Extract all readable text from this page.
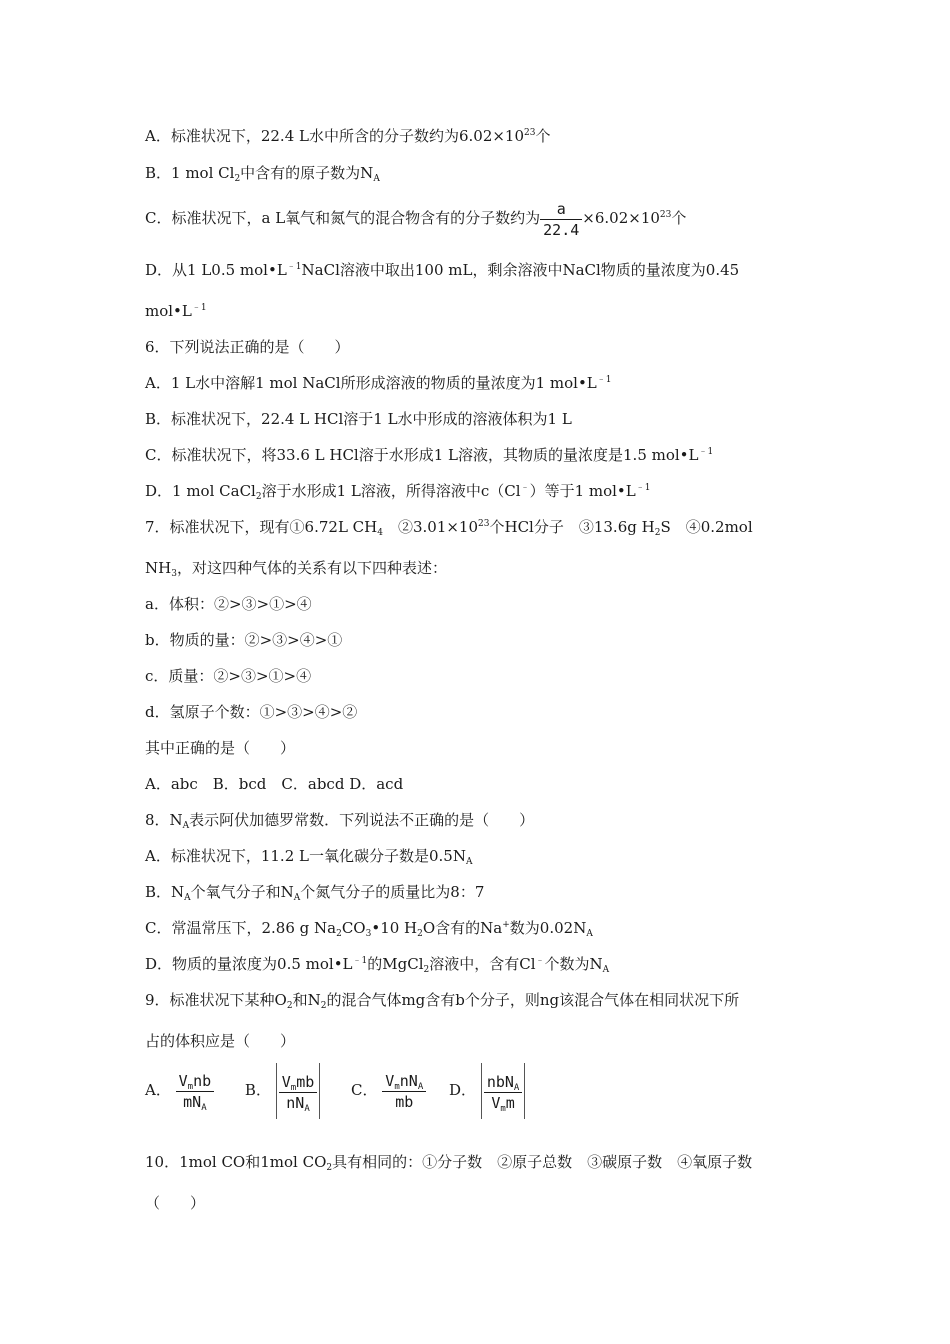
A．标准状况下，22.4 L水中所含的分子数约为$6.02\times 10^{23}$个
B．1 mol $Cl_2$中含有的原子数为$N_A$
C．标准状况下，a L氧气和氮气的混合物含有的分子数约为 $\frac{a}{22.4} \times 6.02\times 10^{23}$个
D．从1 L0.5 $mol•L^{﹣1}NaCl$溶液中取出100 mL，剩余溶液中NaCl物质的量浓度为0.45
$mol•L^{﹣1}$
6．下列说法正确的是（　　）
A．1 L水中溶解1 mol NaCl所形成溶液的物质的量浓度为1 $mol•L^{﹣1}$
B．标准状况下，22.4 L HCl溶于1 L水中形成的溶液体积为1 L
C．标准状况下，将33.6 L HCl溶于水形成1 L溶液，其物质的量浓度是1.5 $mol•L^{﹣1}$
D．1 mol CaCl$_2$溶于水形成1 L溶液，所得溶液中c（Cl﹣）等于1 $mol•L^{﹣1}$
7．标准状况下，现有①6.72L $CH_4$　$②3.01\times 10^{23}$个HCl分子　③13.6g $H_2S$　④0.2mol
$NH_3$，对这四种气体的关系有以下四种表述：
a．体积：②>③>①>④
b．物质的量：②>③>④>①
c．质量：②>③>①>④
d．氢原子个数：①>③>④>②
其中正确的是（　　）
A．abc　B．bcd　C．abcd D．acd
8．$N_A$表示阿伏加德罗常数．下列说法不正确的是（　　）
A．标准状况下，11.2 L一氧化碳分子数是$0.5N_A$
B．$N_A$个氧气分子和$N_A$个氮气分子的质量比为8：7
C．常温常压下，2.86 g $Na_2CO_3•10$ $H_2O$含有的Na+数为$0.02N_A$
D．物质的量浓度为0.5 $mol•L^{﹣1}$的MgCl$_2$溶液中，含有Cl﹣个数为$N_A$
9．标准状况下某种$O_2$和$N_2$的混合气体mg含有b个分子，则ng该混合气体在相同状况下所
占的体积应是（　　）
A． $\frac{V_mnb}{mN_A}$ B． $\frac{V_mmb}{nN_A}$ C． $\frac{V_mnN_A}{mb}$ D． $\frac{nbN_A}{V_mm}$
10．1mol CO和1mol $CO_2$具有相同的：①分子数　②原子总数　③碳原子数　④氧原子数
（　　）
